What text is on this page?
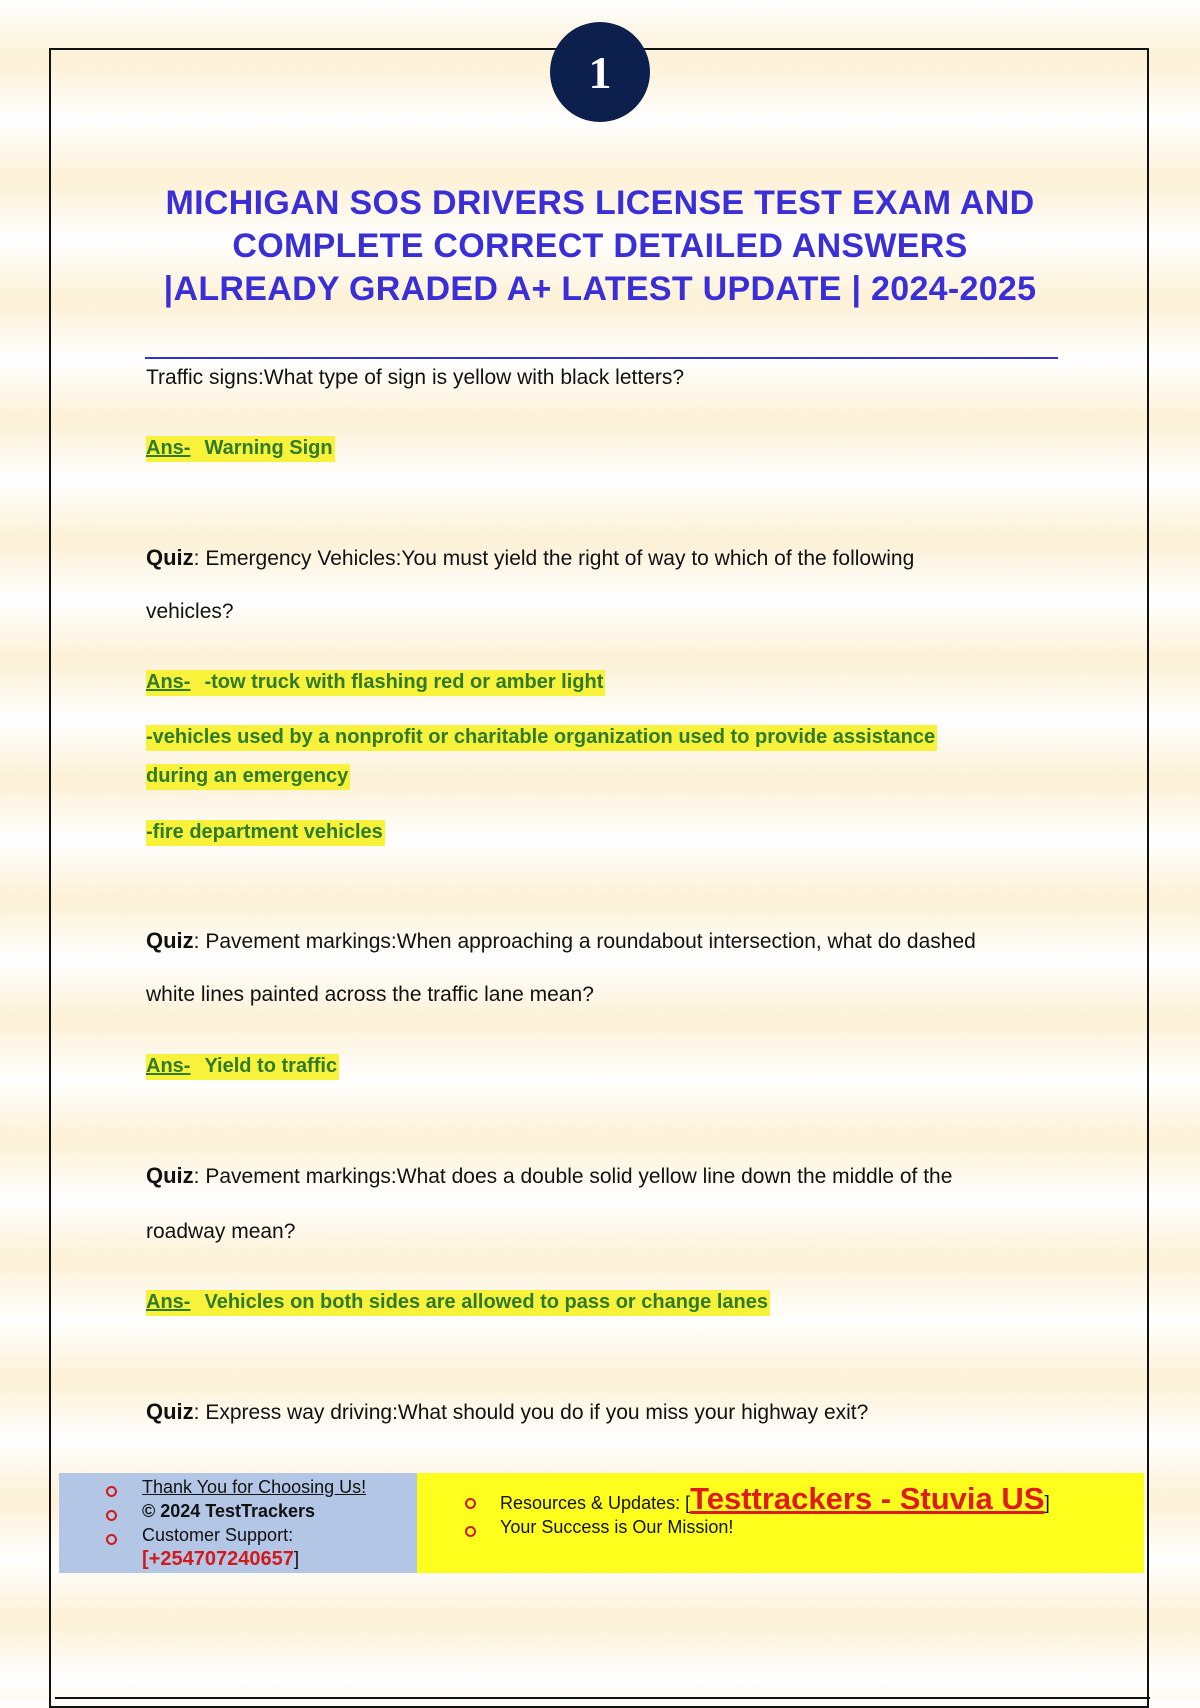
1
MICHIGAN SOS DRIVERS LICENSE TEST EXAM AND COMPLETE CORRECT DETAILED ANSWERS |ALREADY GRADED A+ LATEST UPDATE | 2024-2025
Traffic signs:What type of sign is yellow with black letters?
Ans- Warning Sign
Quiz: Emergency Vehicles:You must yield the right of way to which of the following
vehicles?
Ans- -tow truck with flashing red or amber light
-vehicles used by a nonprofit or charitable organization used to provide assistance
during an emergency
-fire department vehicles
Quiz: Pavement markings:When approaching a roundabout intersection, what do dashed
white lines painted across the traffic lane mean?
Ans- Yield to traffic
Quiz: Pavement markings:What does a double solid yellow line down the middle of the
roadway mean?
Ans- Vehicles on both sides are allowed to pass or change lanes
Quiz: Express way driving:What should you do if you miss your highway exit?
Thank You for Choosing Us!
© 2024 TestTrackers
Customer Support:
[+254707240657]
Resources & Updates: [Testtrackers - Stuvia US]
Your Success is Our Mission!
